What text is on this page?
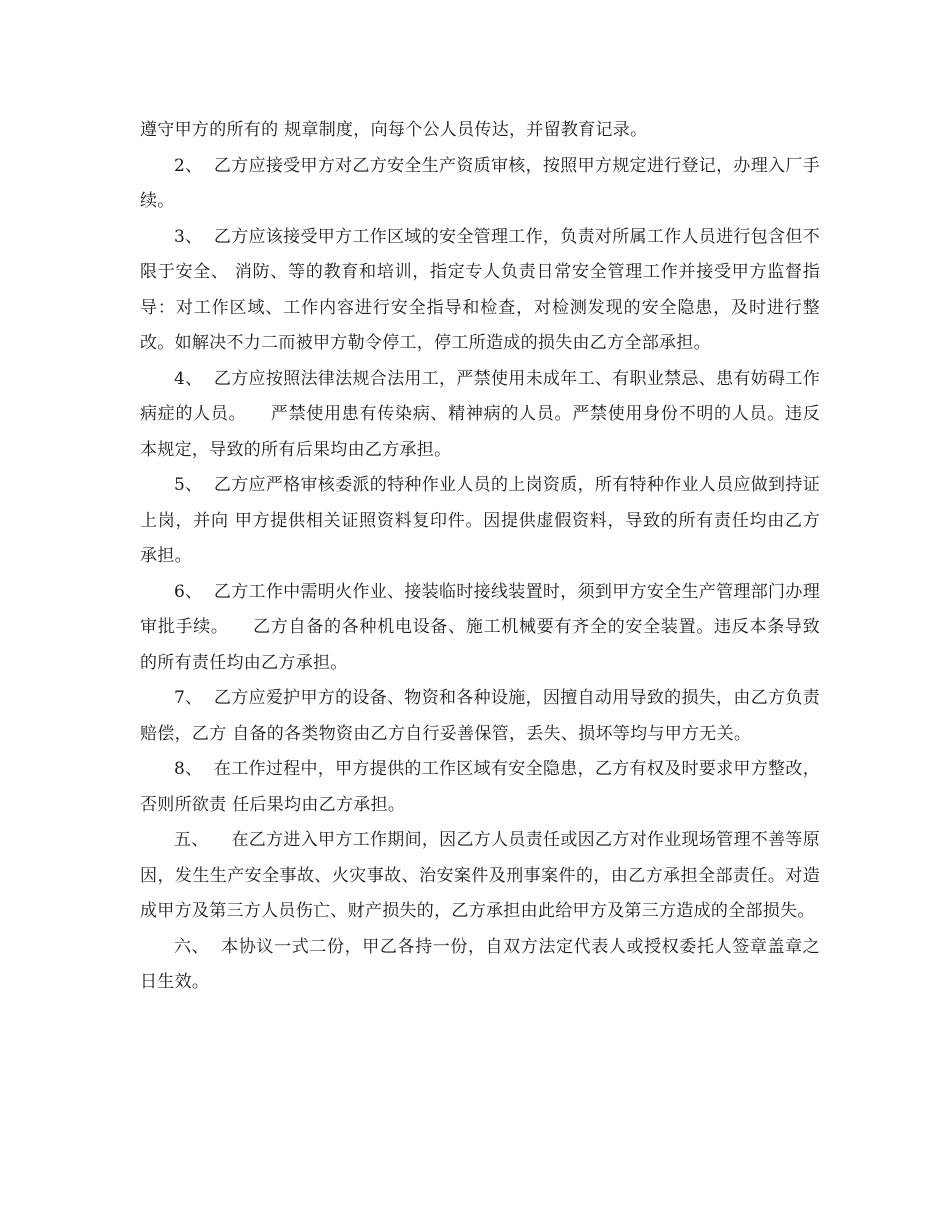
遵守甲方的所有的 规章制度，向每个公人员传达，并留教育记录。

2、  乙方应接受甲方对乙方安全生产资质审核，按照甲方规定进行登记，办理入厂手续。

3、  乙方应该接受甲方工作区域的安全管理工作，负责对所属工作人员进行包含但不限于安全、 消防、等的教育和培训，指定专人负责日常安全管理工作并接受甲方监督指导：对工作区域、工作内容进行安全指导和检查，对检测发现的安全隐患，及时进行整改。如解决不力二而被甲方勒令停工，停工所造成的损失由乙方全部承担。

4、  乙方应按照法律法规合法用工，严禁使用未成年工、有职业禁忌、患有妨碍工作病症的人员。    严禁使用患有传染病、精神病的人员。严禁使用身份不明的人员。违反本规定，导致的所有后果均由乙方承担。

5、  乙方应严格审核委派的特种作业人员的上岗资质，所有特种作业人员应做到持证上岗，并向 甲方提供相关证照资料复印件。因提供虚假资料，导致的所有责任均由乙方承担。

6、  乙方工作中需明火作业、接装临时接线装置时，须到甲方安全生产管理部门办理审批手续。    乙方自备的各种机电设备、施工机械要有齐全的安全装置。违反本条导致的所有责任均由乙方承担。

7、  乙方应爱护甲方的设备、物资和各种设施，因擅自动用导致的损失，由乙方负责赔偿，乙方 自备的各类物资由乙方自行妥善保管，丢失、损坏等均与甲方无关。

8、  在工作过程中，甲方提供的工作区域有安全隐患，乙方有权及时要求甲方整改，否则所欲责 任后果均由乙方承担。

五、    在乙方进入甲方工作期间，因乙方人员责任或因乙方对作业现场管理不善等原因，发生生产安全事故、火灾事故、治安案件及刑事案件的，由乙方承担全部责任。对造成甲方及第三方人员伤亡、财产损失的，乙方承担由此给甲方及第三方造成的全部损失。

六、  本协议一式二份，甲乙各持一份，自双方法定代表人或授权委托人签章盖章之日生效。
